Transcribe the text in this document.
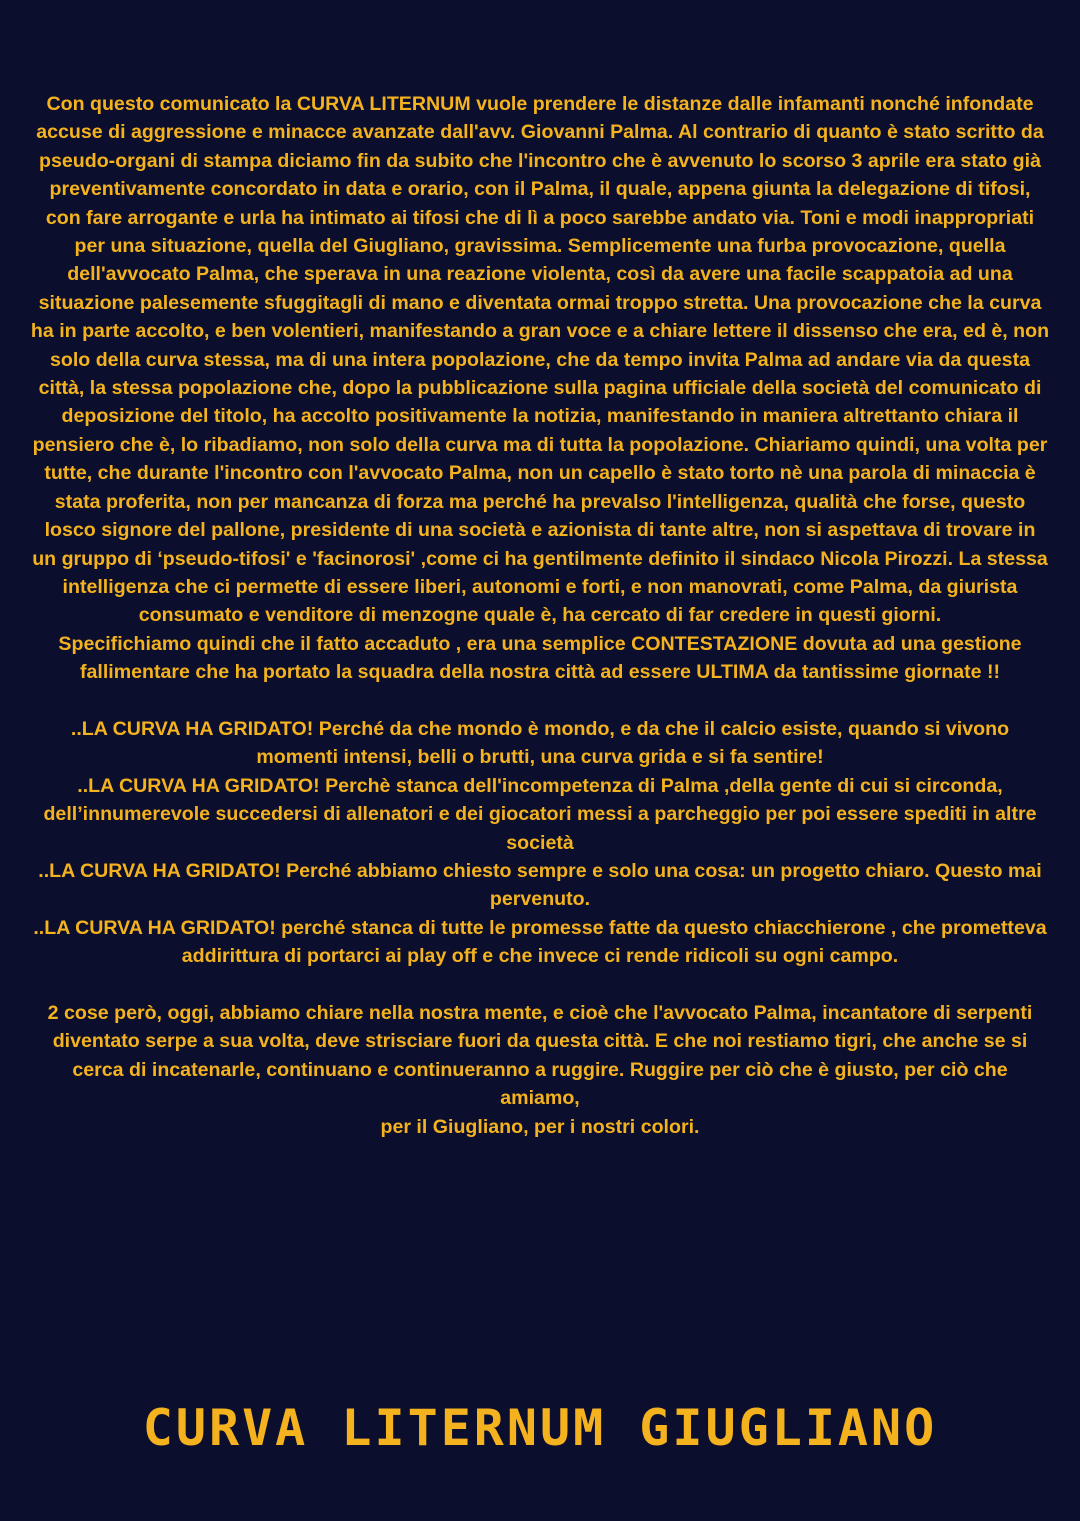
Con questo comunicato la CURVA LITERNUM vuole prendere le distanze dalle infamanti nonché infondate accuse di aggressione e minacce avanzate dall'avv. Giovanni Palma. Al contrario di quanto è stato scritto da pseudo-organi di stampa diciamo fin da subito che l'incontro che è avvenuto lo scorso 3 aprile era stato già preventivamente concordato in data e orario, con il Palma, il quale, appena giunta la delegazione di tifosi, con fare arrogante e urla ha intimato ai tifosi che di lì a poco sarebbe andato via. Toni e modi inappropriati per una situazione, quella del Giugliano, gravissima. Semplicemente una furba provocazione, quella dell'avvocato Palma, che sperava in una reazione violenta, così da avere una facile scappatoia ad una situazione palesemente sfuggitagli di mano e diventata ormai troppo stretta. Una provocazione che la curva ha in parte accolto, e ben volentieri, manifestando a gran voce e a chiare lettere il dissenso che era, ed è, non solo della curva stessa, ma di una intera popolazione, che da tempo invita Palma ad andare via da questa città, la stessa popolazione che, dopo la pubblicazione sulla pagina ufficiale della società del comunicato di deposizione del titolo, ha accolto positivamente la notizia, manifestando in maniera altrettanto chiara il pensiero che è, lo ribadiamo, non solo della curva ma di tutta la popolazione. Chiariamo quindi, una volta per tutte, che durante l'incontro con l'avvocato Palma, non un capello è stato torto nè una parola di minaccia è stata proferita, non per mancanza di forza ma perché ha prevalso l'intelligenza, qualità che forse, questo losco signore del pallone, presidente di una società e azionista di tante altre, non si aspettava di trovare in un gruppo di ‘pseudo-tifosi' e 'facinorosi' ,come ci ha gentilmente definito il sindaco Nicola Pirozzi. La stessa intelligenza che ci permette di essere liberi, autonomi e forti, e non manovrati, come Palma, da giurista consumato e venditore di menzogne quale è, ha cercato di far credere in questi giorni.

Specifichiamo quindi che il fatto accaduto , era una semplice CONTESTAZIONE dovuta ad una gestione fallimentare che ha portato la squadra della nostra città ad essere ULTIMA da tantissime giornate !!

..LA CURVA HA GRIDATO! Perché da che mondo è mondo, e da che il calcio esiste, quando si vivono momenti intensi, belli o brutti, una curva grida e si fa sentire!

..LA CURVA HA GRIDATO! Perchè stanca dell'incompetenza di Palma ,della gente di cui si circonda, dell’innumerevole succedersi di allenatori e dei giocatori messi a parcheggio per poi essere spediti in altre società

..LA CURVA HA GRIDATO! Perché abbiamo chiesto sempre e solo una cosa: un progetto chiaro. Questo mai pervenuto.

..LA CURVA HA GRIDATO! perché stanca di tutte le promesse fatte da questo chiacchierone , che prometteva addirittura di portarci ai play off e che invece ci rende ridicoli su ogni campo.

2 cose però, oggi, abbiamo chiare nella nostra mente, e cioè che l'avvocato Palma, incantatore di serpenti diventato serpe a sua volta, deve strisciare fuori da questa città. E che noi restiamo tigri, che anche se si cerca di incatenarle, continuano e continueranno a ruggire. Ruggire per ciò che è giusto, per ciò che amiamo,

per il Giugliano, per i nostri colori.

CURVA LITERNUM GIUGLIANO
